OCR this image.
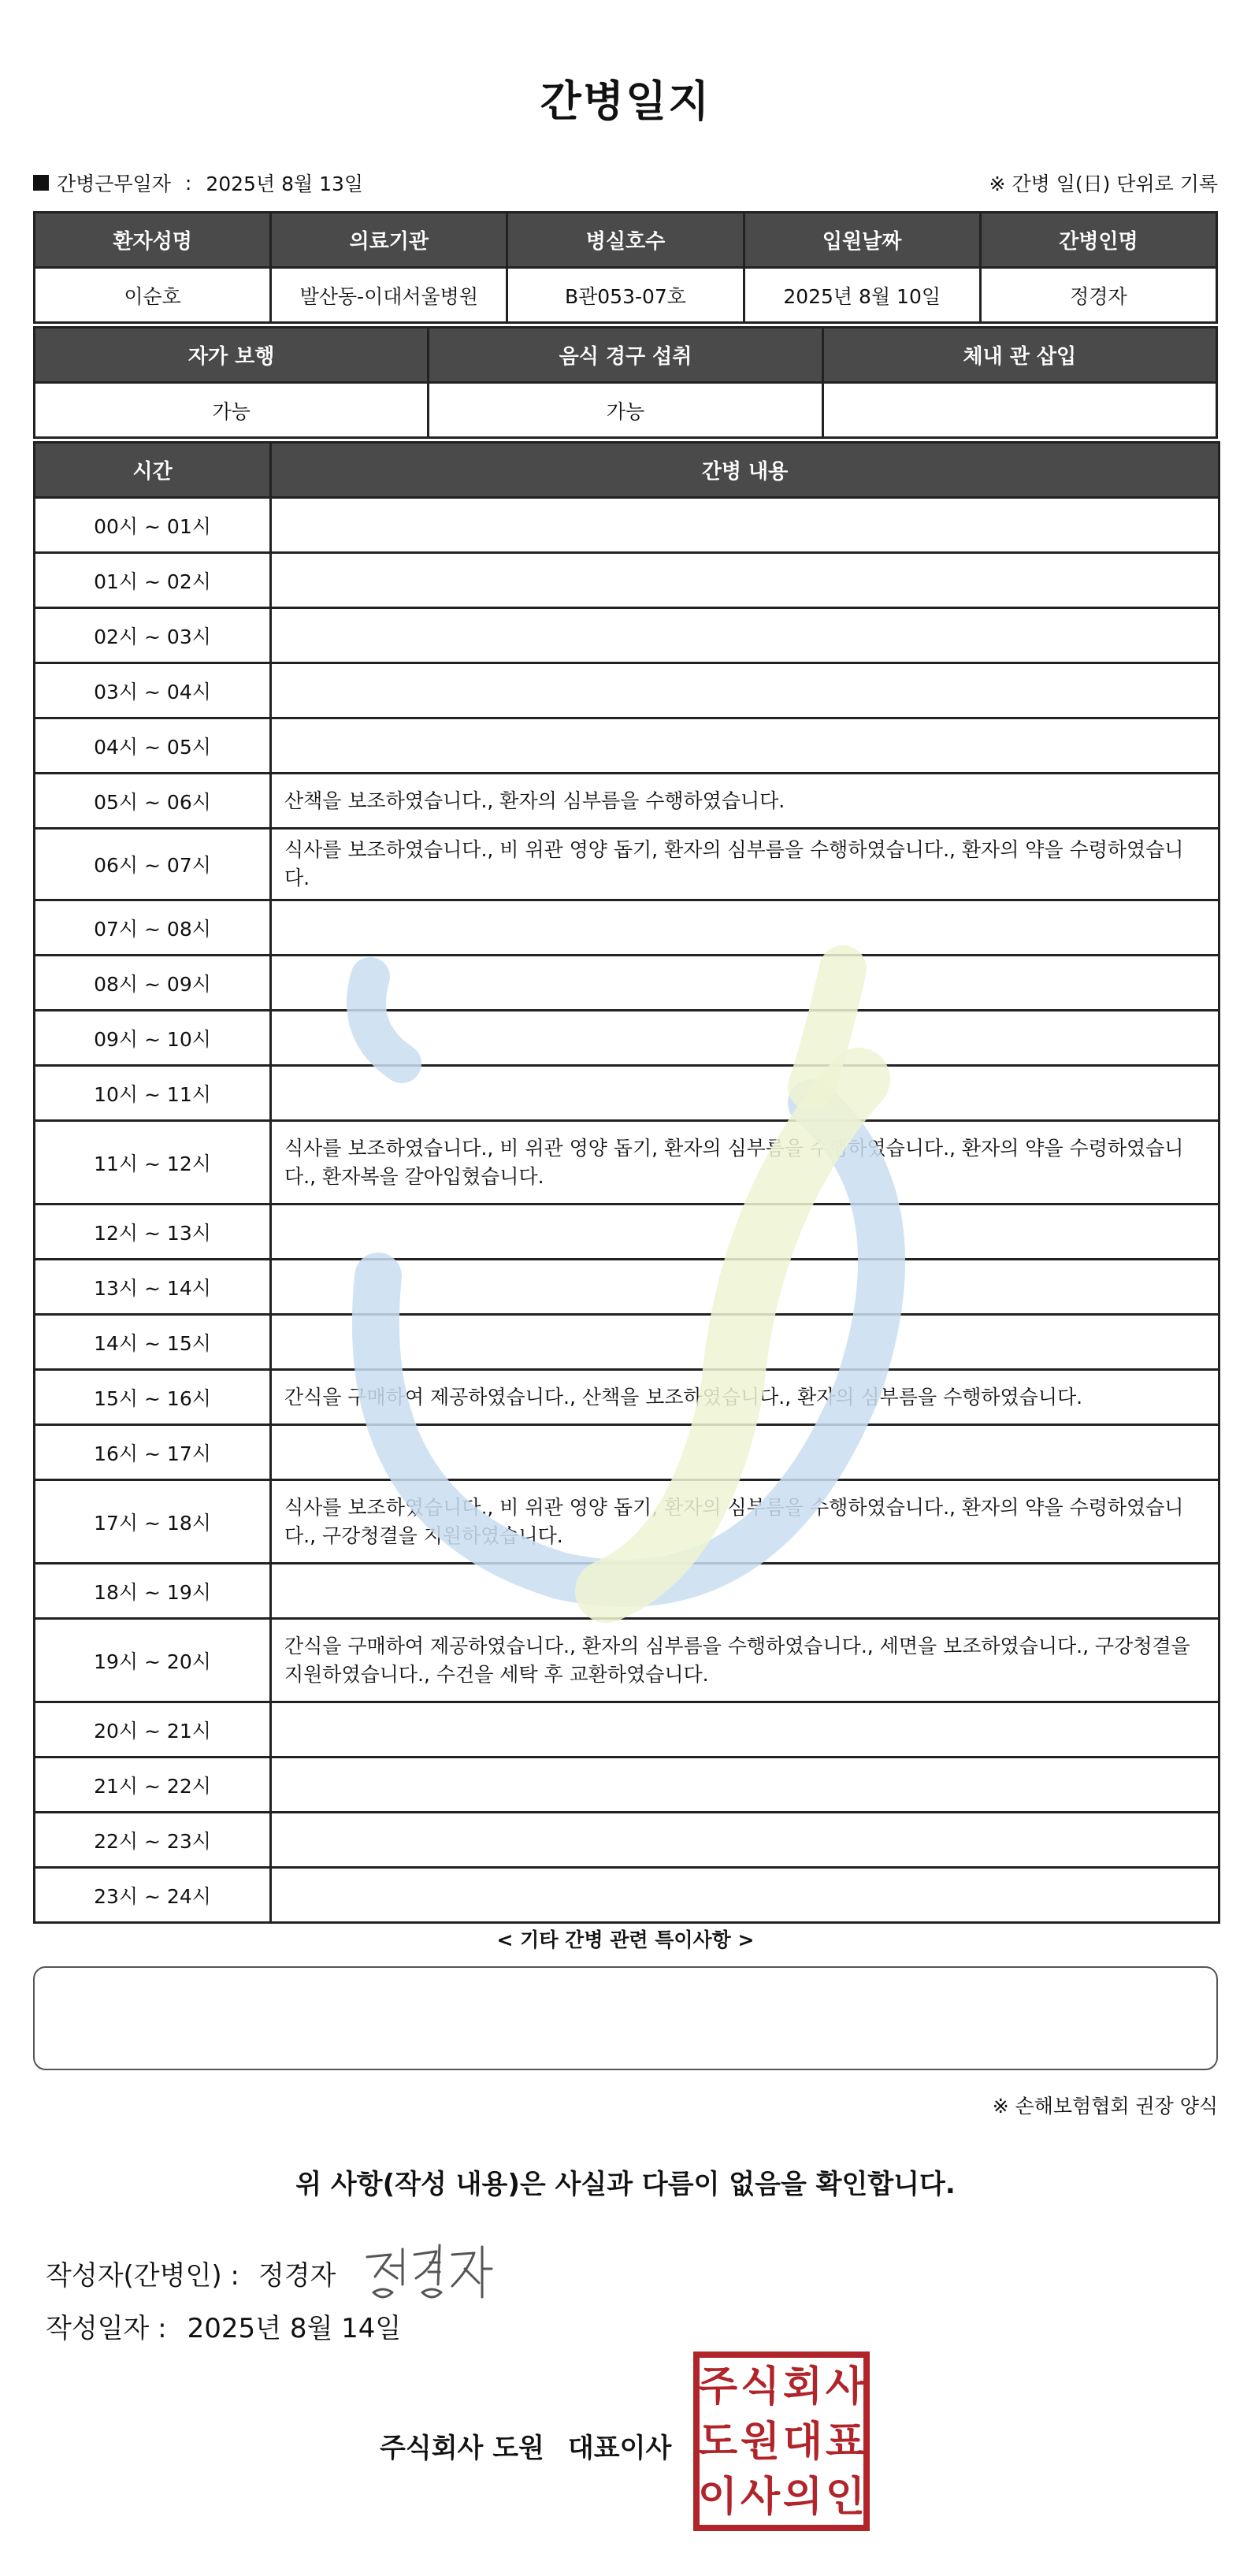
간병일지
간병근무일자 : 2025년 8월 13일	※ 간병 일(日) 단위로 기록
환자성명	의료기관	병실호수	입원날짜	간병인명
이순호	발산동-이대서울병원	B관053-07호	2025년 8월 10일	정경자
자가 보행	음식 경구 섭취	체내 관 삽입
가능	가능	
시간	간병 내용
00시 ~ 01시	
01시 ~ 02시	
02시 ~ 03시	
03시 ~ 04시	
04시 ~ 05시	
05시 ~ 06시	산책을 보조하였습니다., 환자의 심부름을 수행하였습니다.
06시 ~ 07시	식사를 보조하였습니다., 비 위관 영양 돕기, 환자의 심부름을 수행하였습니다., 환자의 약을 수령하였습니다.
07시 ~ 08시	
08시 ~ 09시	
09시 ~ 10시	
10시 ~ 11시	
11시 ~ 12시	식사를 보조하였습니다., 비 위관 영양 돕기, 환자의 심부름을 수행하였습니다., 환자의 약을 수령하였습니다., 환자복을 갈아입혔습니다.
12시 ~ 13시	
13시 ~ 14시	
14시 ~ 15시	
15시 ~ 16시	간식을 구매하여 제공하였습니다., 산책을 보조하였습니다., 환자의 심부름을 수행하였습니다.
16시 ~ 17시	
17시 ~ 18시	식사를 보조하였습니다., 비 위관 영양 돕기, 환자의 심부름을 수행하였습니다., 환자의 약을 수령하였습니다., 구강청결을 지원하였습니다.
18시 ~ 19시	
19시 ~ 20시	간식을 구매하여 제공하였습니다., 환자의 심부름을 수행하였습니다., 세면을 보조하였습니다., 구강청결을 지원하였습니다., 수건을 세탁 후 교환하였습니다.
20시 ~ 21시	
21시 ~ 22시	
22시 ~ 23시	
23시 ~ 24시	
< 기타 간병 관련 특이사항 >
※ 손해보험협회 권장 양식
위 사항(작성 내용)은 사실과 다름이 없음을 확인합니다.
작성자(간병인) : 정경자
작성일자 : 2025년 8월 14일
주식회사 도원 대표이사
주 식 회 사
도 원 대 표
이 사 의 인
